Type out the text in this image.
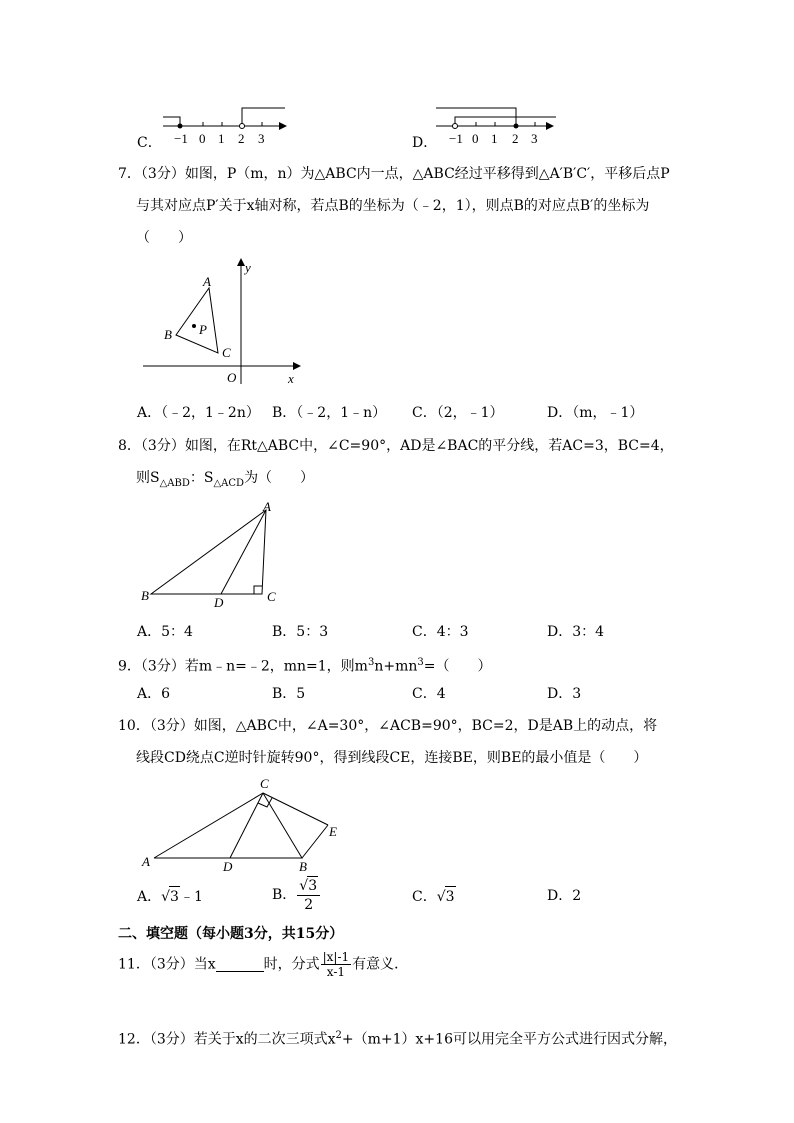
C． −1 0 1 2 3	D． −1 0 1 2 3
7．（3分）如图，P（m，n）为△ABC内一点，△ABC经过平移得到△A′B′C′，平移后点P
与其对应点P′关于x轴对称，若点B的坐标为（﹣2，1），则点B的对应点B′的坐标为
（　　）
A
B P
C
O	x
y
A．（﹣2，1﹣2n） B．（﹣2，1﹣n） C．（2，﹣1）	D．（m，﹣1）
8．（3分）如图，在Rt△ABC中，∠C=90°，AD是∠BAC的平分线，若AC=3，BC=4，
则$S_{\triangle ABD}$：$S_{\triangle ACD}$为（　　）
A
B	D	C
A．5：4	B．5：3	C．4：3	D．3：4
9．（3分）若m﹣n=﹣2，mn=1，则$m^3n+mn^3=$（　　）
A．6	B．5	C．4	D．3
10．（3分）如图，△ABC中，∠A=30°，∠ACB=90°，BC=2，D是AB上的动点，将
线段CD绕点C逆时针旋转90°，得到线段CE，连接BE，则BE的最小值是（　　）
C
A	D	B
E
A．√3﹣1	B． $\frac{√3}{2}$	C．√3	D．2
二、填空题（每小题3分，共15分）
11．（3分）当x	时，分式 $\frac{|x|-1}{x-1}$ 有意义．
12．（3分）若关于x的二次三项式$x^2+(m+1)x+16$可以用完全平方公式进行因式分解，
